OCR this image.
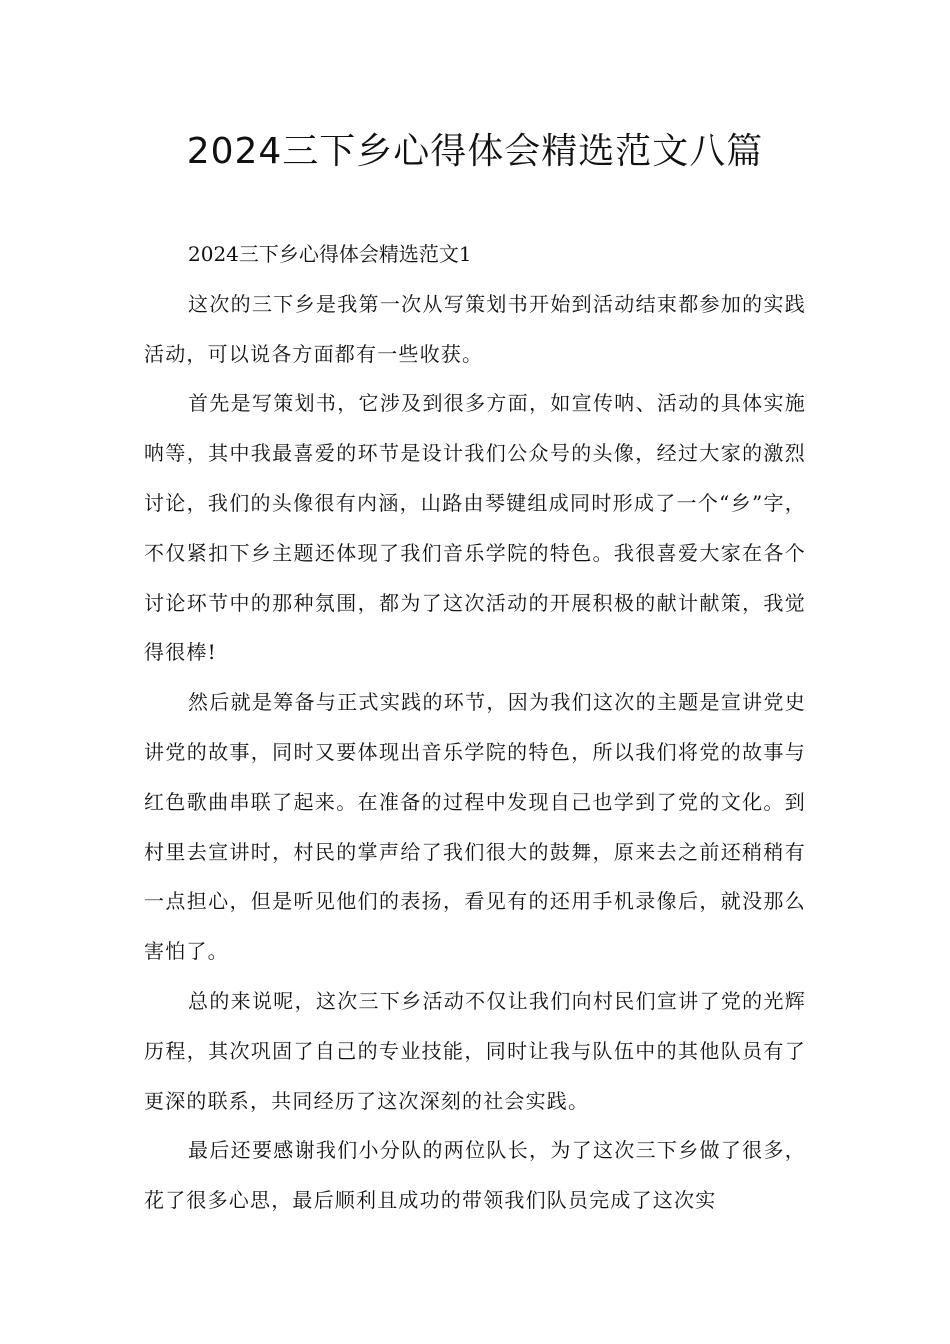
2024三下乡心得体会精选范文八篇

2024三下乡心得体会精选范文1

这次的三下乡是我第一次从写策划书开始到活动结束都参加的实践活动，可以说各方面都有一些收获。

首先是写策划书，它涉及到很多方面，如宣传呐、活动的具体实施呐等，其中我最喜爱的环节是设计我们公众号的头像，经过大家的激烈讨论，我们的头像很有内涵，山路由琴键组成同时形成了一个“乡”字，不仅紧扣下乡主题还体现了我们音乐学院的特色。我很喜爱大家在各个讨论环节中的那种氛围，都为了这次活动的开展积极的献计献策，我觉得很棒!

然后就是筹备与正式实践的环节，因为我们这次的主题是宣讲党史讲党的故事，同时又要体现出音乐学院的特色，所以我们将党的故事与红色歌曲串联了起来。在准备的过程中发现自己也学到了党的文化。到村里去宣讲时，村民的掌声给了我们很大的鼓舞，原来去之前还稍稍有一点担心，但是听见他们的表扬，看见有的还用手机录像后，就没那么害怕了。

总的来说呢，这次三下乡活动不仅让我们向村民们宣讲了党的光辉历程，其次巩固了自己的专业技能，同时让我与队伍中的其他队员有了更深的联系，共同经历了这次深刻的社会实践。

最后还要感谢我们小分队的两位队长，为了这次三下乡做了很多，花了很多心思，最后顺利且成功的带领我们队员完成了这次实
